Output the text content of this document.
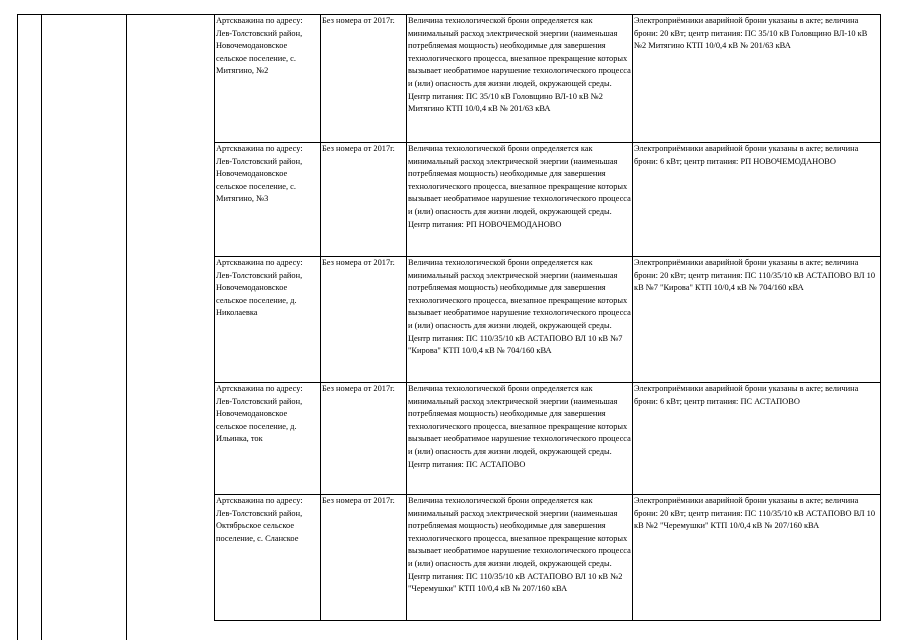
Артскважина по адресу: Лев-Толстовский район, Новочемодановское сельское поселение, с. Митягино, №2	Без номера от 2017г.	Величина технологической брони определяется как минимальный расход электрической энергии (наименьшая потребляемая мощность) необходимые для завершения технологического процесса, внезапное прекращение которых вызывает необратимое нарушение технологического процесса и (или) опасность для жизни людей, окружающей среды. Центр питания: ПС 35/10 кВ Головщино ВЛ-10 кВ №2 Митягино КТП 10/0,4 кВ № 201/63 кВА	Электроприёмники аварийной брони указаны в акте; величина брони: 20 кВт; центр питания: ПС 35/10 кВ Головщино ВЛ-10 кВ №2 Митягино КТП 10/0,4 кВ № 201/63 кВА

Артскважина по адресу: Лев-Толстовский район, Новочемодановское сельское поселение, с. Митягино, №3	Без номера от 2017г.	Величина технологической брони определяется как минимальный расход электрической энергии (наименьшая потребляемая мощность) необходимые для завершения технологического процесса, внезапное прекращение которых вызывает необратимое нарушение технологического процесса и (или) опасность для жизни людей, окружающей среды. Центр питания: РП НОВОЧЕМОДАНОВО	Электроприёмники аварийной брони указаны в акте; величина брони: 6 кВт; центр питания: РП НОВОЧЕМОДАНОВО

Артскважина по адресу: Лев-Толстовский район, Новочемодановское сельское поселение, д. Николаевка	Без номера от 2017г.	Величина технологической брони определяется как минимальный расход электрической энергии (наименьшая потребляемая мощность) необходимые для завершения технологического процесса, внезапное прекращение которых вызывает необратимое нарушение технологического процесса и (или) опасность для жизни людей, окружающей среды. Центр питания: ПС 110/35/10 кВ АСТАПОВО ВЛ 10 кВ №7 "Кирова" КТП 10/0,4 кВ № 704/160 кВА	Электроприёмники аварийной брони указаны в акте; величина брони: 20 кВт; центр питания: ПС 110/35/10 кВ АСТАПОВО ВЛ 10 кВ №7 "Кирова" КТП 10/0,4 кВ № 704/160 кВА

Артскважина по адресу: Лев-Толстовский район, Новочемодановское сельское поселение, д. Ильинка, ток	Без номера от 2017г.	Величина технологической брони определяется как минимальный расход электрической энергии (наименьшая потребляемая мощность) необходимые для завершения технологического процесса, внезапное прекращение которых вызывает необратимое нарушение технологического процесса и (или) опасность для жизни людей, окружающей среды. Центр питания: ПС АСТАПОВО	Электроприёмники аварийной брони указаны в акте; величина брони: 6 кВт; центр питания: ПС АСТАПОВО

Артскважина по адресу: Лев-Толстовский район, Октябрьское сельское поселение, с. Сланское	Без номера от 2017г.	Величина технологической брони определяется как минимальный расход электрической энергии (наименьшая потребляемая мощность) необходимые для завершения технологического процесса, внезапное прекращение которых вызывает необратимое нарушение технологического процесса и (или) опасность для жизни людей, окружающей среды. Центр питания: ПС 110/35/10 кВ АСТАПОВО ВЛ 10 кВ №2 "Черемушки" КТП 10/0,4 кВ № 207/160 кВА	Электроприёмники аварийной брони указаны в акте; величина брони: 20 кВт; центр питания: ПС 110/35/10 кВ АСТАПОВО ВЛ 10 кВ №2 "Черемушки" КТП 10/0,4 кВ № 207/160 кВА
